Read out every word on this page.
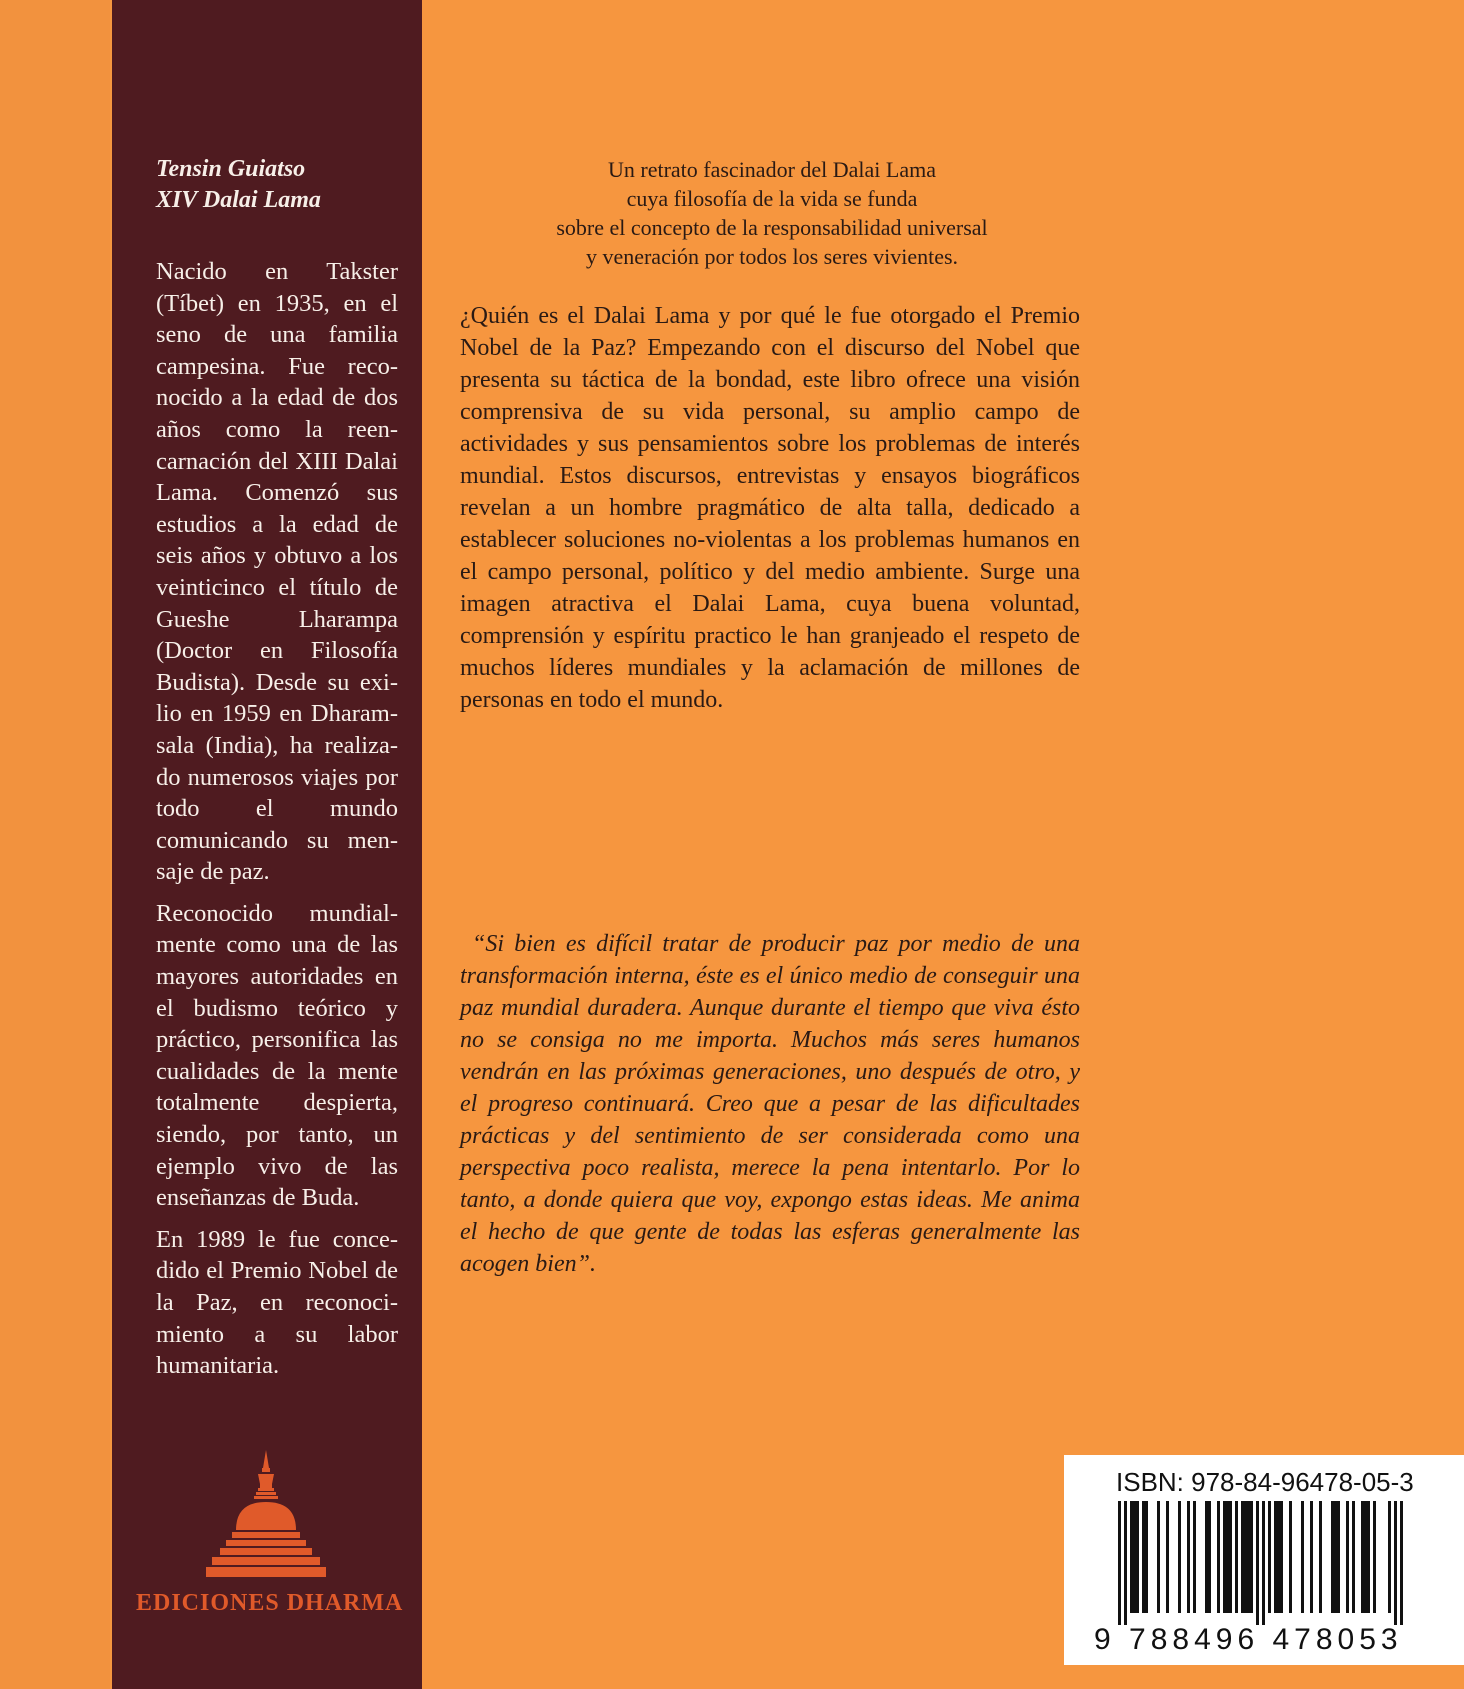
Tensin Guiatso
XIV Dalai Lama

Nacido en Takster (Tíbet) en 1935, en el seno de una familia campesina. Fue reconocido a la edad de dos años como la reencarnación del XIII Dalai Lama. Comenzó sus estudios a la edad de seis años y obtuvo a los veinticinco el título de Gueshe Lharampa (Doctor en Filosofía Budista). Desde su exilio en 1959 en Dharamsala (India), ha realizado numerosos viajes por todo el mundo comunicando su mensaje de paz.

Reconocido mundialmente como una de las mayores autoridades en el budismo teórico y práctico, personifica las cualidades de la mente totalmente despierta, siendo, por tanto, un ejemplo vivo de las enseñanzas de Buda.

En 1989 le fue concedido el Premio Nobel de la Paz, en reconocimiento a su labor humanitaria.

EDICIONES DHARMA
Un retrato fascinador del Dalai Lama
cuya filosofía de la vida se funda
sobre el concepto de la responsabilidad universal
y veneración por todos los seres vivientes.

¿Quién es el Dalai Lama y por qué le fue otorgado el Premio Nobel de la Paz? Empezando con el discurso del Nobel que presenta su táctica de la bondad, este libro ofrece una visión comprensiva de su vida personal, su amplio campo de actividades y sus pensamientos sobre los problemas de interés mundial. Estos discursos, entrevistas y ensayos biográficos revelan a un hombre pragmático de alta talla, dedicado a establecer soluciones no-violentas a los problemas humanos en el campo personal, político y del medio ambiente. Surge una imagen atractiva el Dalai Lama, cuya buena voluntad, comprensión y espíritu practico le han granjeado el respeto de muchos líderes mundiales y la aclamación de millones de personas en todo el mundo.

“Si bien es difícil tratar de producir paz por medio de una transformación interna, éste es el único medio de conseguir una paz mundial duradera. Aunque durante el tiempo que viva ésto no se consiga no me importa. Muchos más seres humanos vendrán en las próximas generaciones, uno después de otro, y el progreso continuará. Creo que a pesar de las dificultades prácticas y del sentimiento de ser considerada como una perspectiva poco realista, merece la pena intentarlo. Por lo tanto, a donde quiera que voy, expongo estas ideas. Me anima el hecho de que gente de todas las esferas generalmente las acogen bien”.

ISBN: 978-84-96478-05-3
9 788496 478053
